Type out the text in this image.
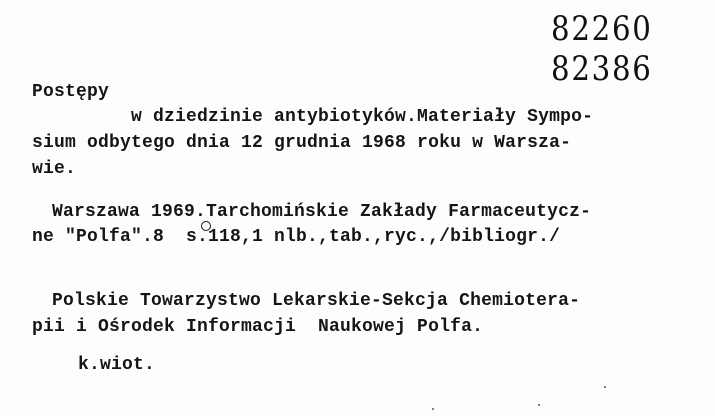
82260
82386
Postępy
w dziedzinie antybiotyków.Materiały Sympo-
sium odbytego dnia 12 grudnia 1968 roku w Warsza-
wie.
Warszawa 1969.Tarchomińskie Zakłady Farmaceutycz-
ne "Polfa".8  s.118,1 nlb.,tab.,ryc.,/bibliogr./
Polskie Towarzystwo Lekarskie-Sekcja Chemiotera-
pii i Ośrodek Informacji  Naukowej Polfa.
k.wiot.
